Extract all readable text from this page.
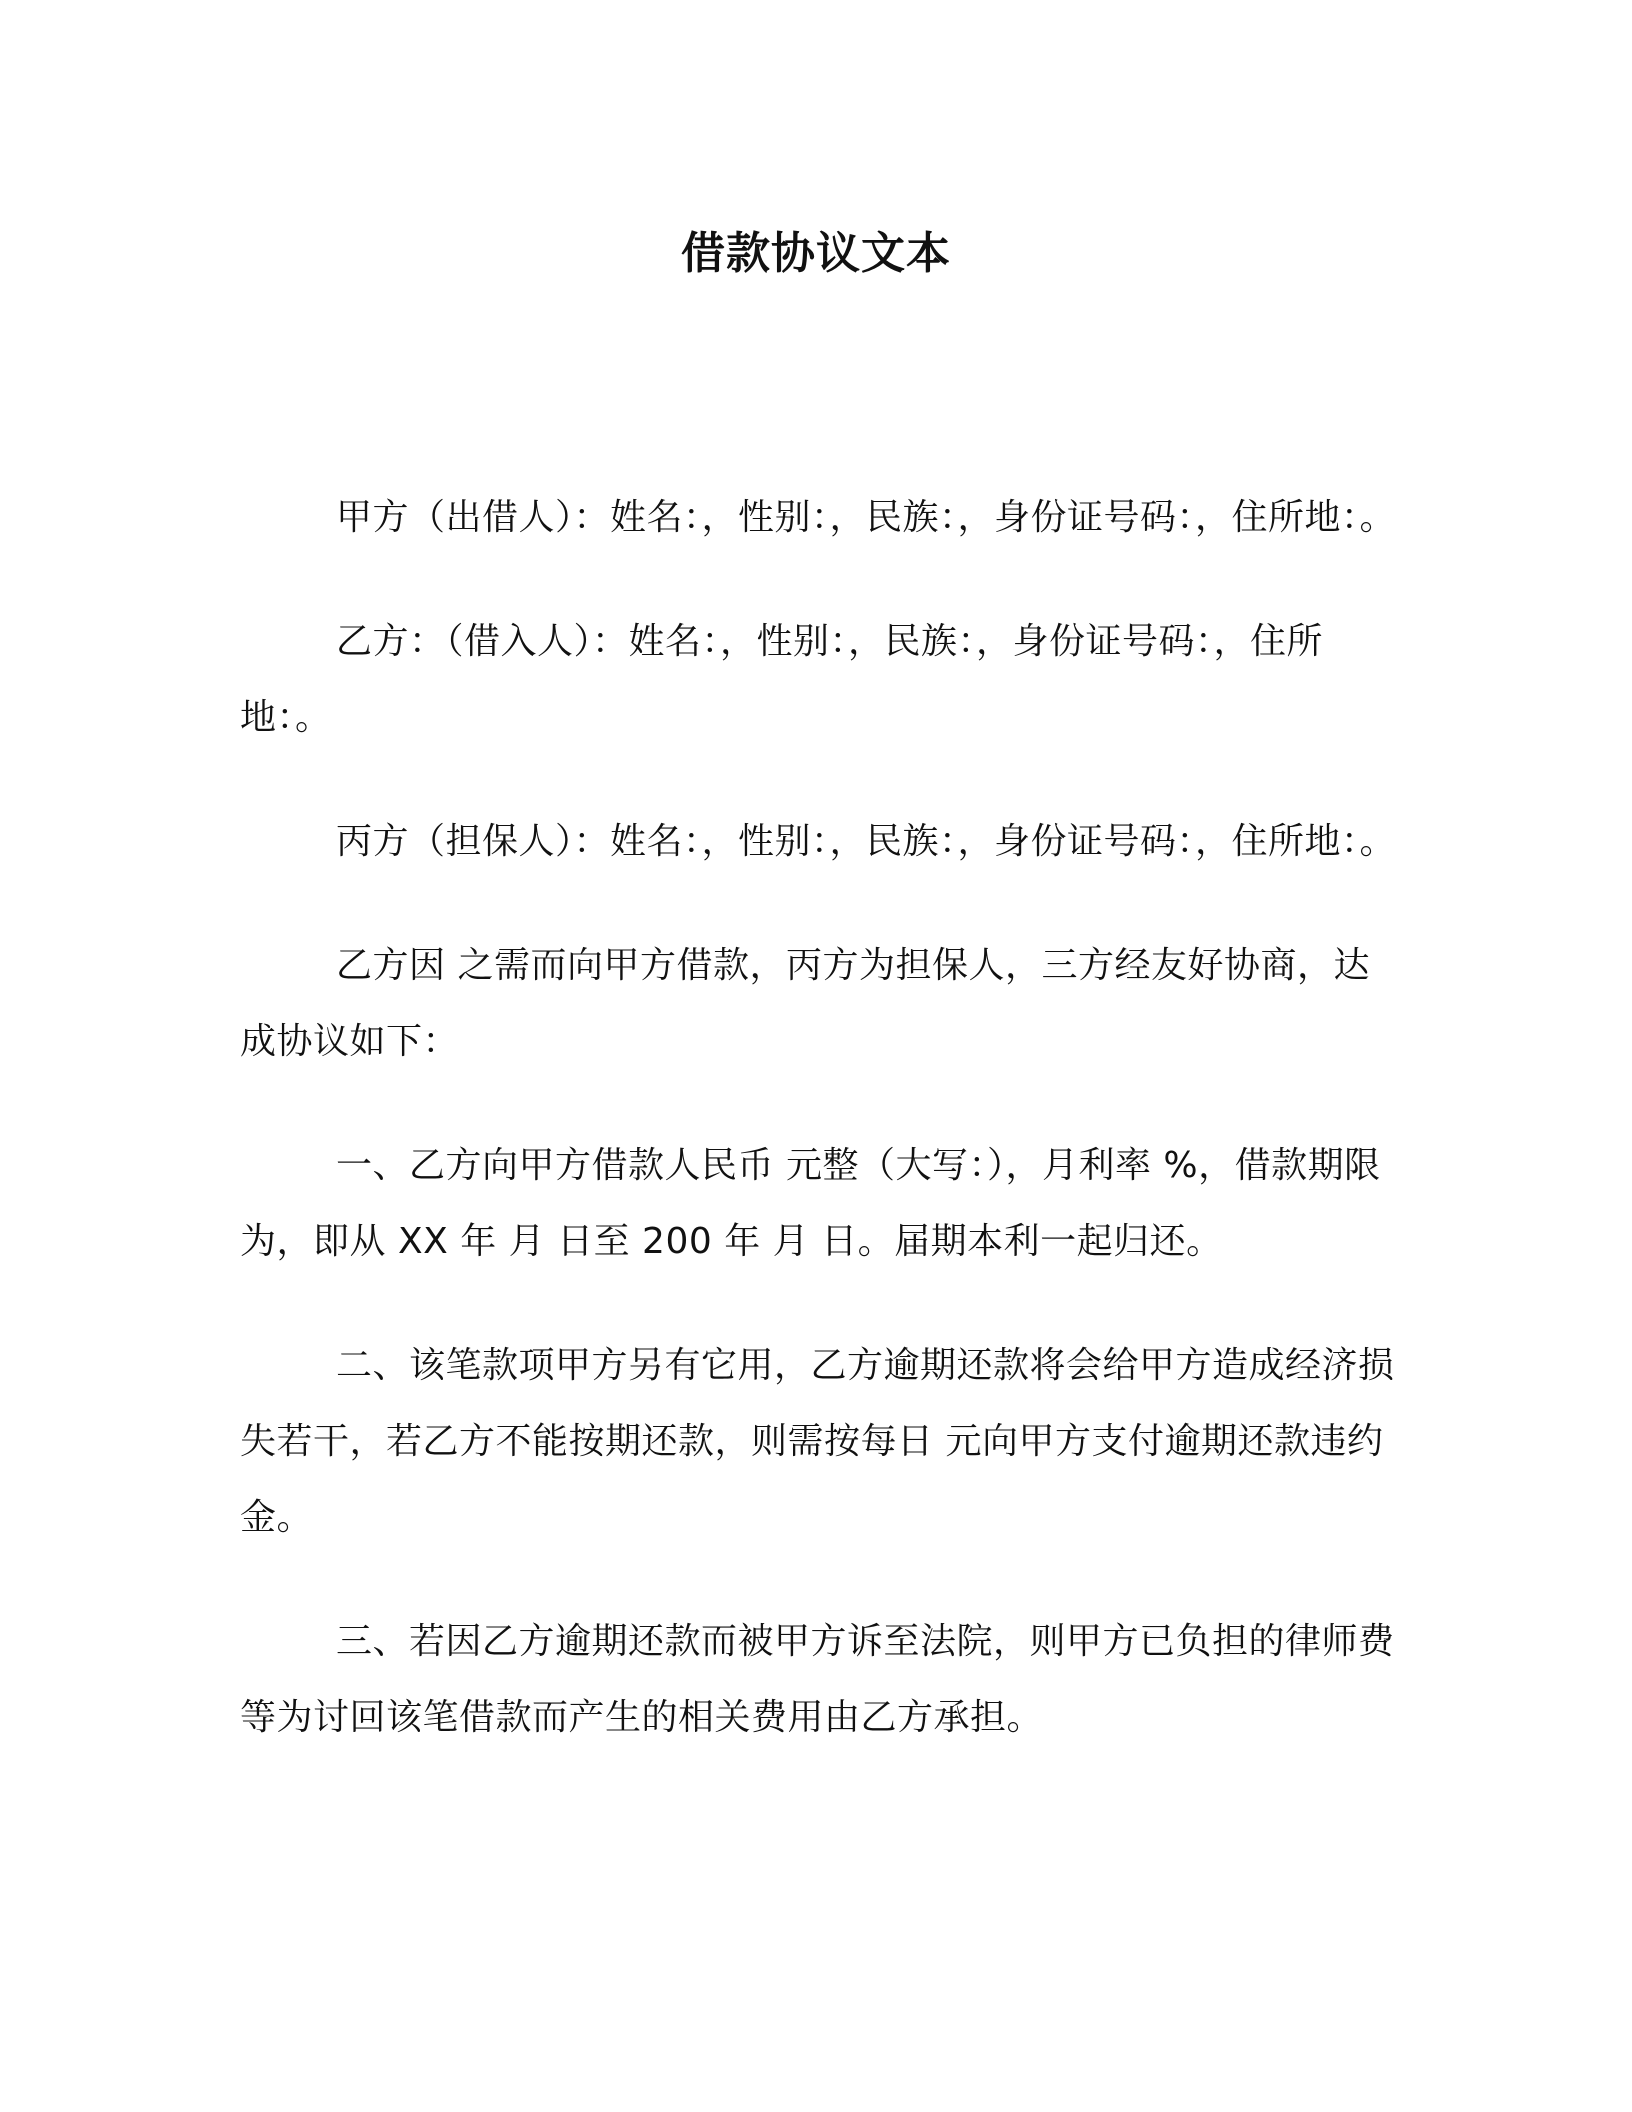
借款协议文本

甲方（出借人）：姓名：，性别：，民族：，身份证号码：，住所地：。

乙方：（借入人）：姓名：，性别：，民族：，身份证号码：，住所地：。

丙方（担保人）：姓名：，性别：，民族：，身份证号码：，住所地：。

乙方因 之需而向甲方借款，丙方为担保人，三方经友好协商，达成协议如下：

一、乙方向甲方借款人民币 元整（大写：），月利率 %，借款期限为，即从 XX 年 月 日至 200 年 月 日。届期本利一起归还。

二、该笔款项甲方另有它用，乙方逾期还款将会给甲方造成经济损失若干，若乙方不能按期还款，则需按每日 元向甲方支付逾期还款违约金。

三、若因乙方逾期还款而被甲方诉至法院，则甲方已负担的律师费等为讨回该笔借款而产生的相关费用由乙方承担。
